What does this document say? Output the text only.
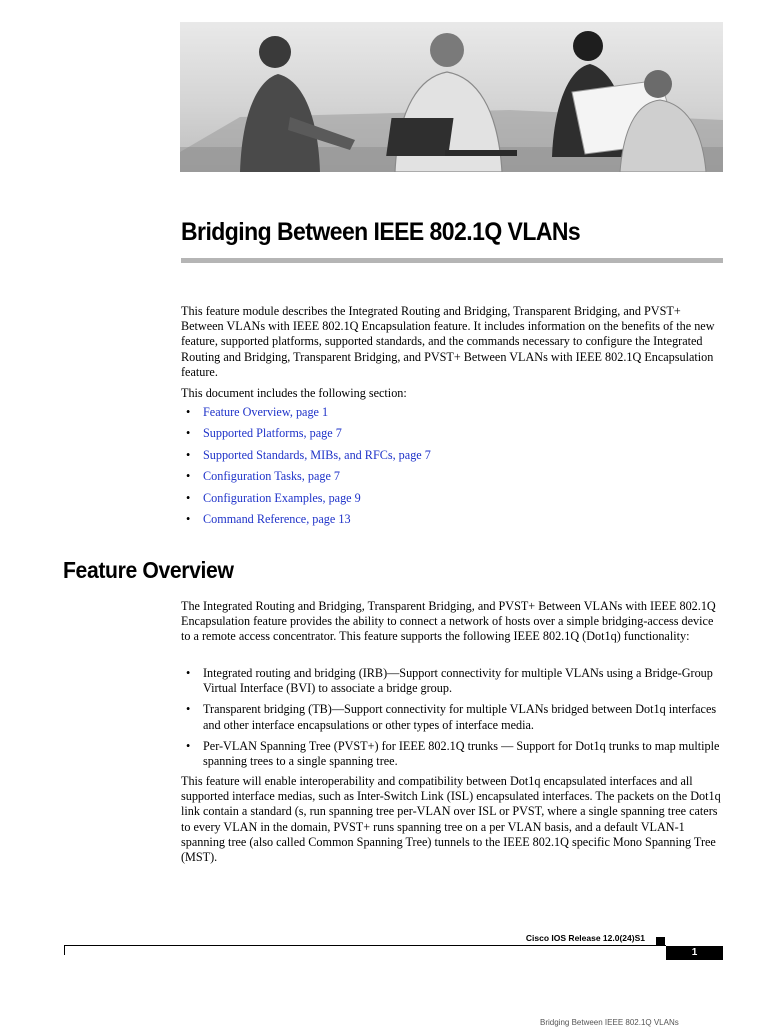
Bridging Between IEEE 802.1Q VLANs

This feature module describes the Integrated Routing and Bridging, Transparent Bridging, and PVST+ Between VLANs with IEEE 802.1Q Encapsulation feature. It includes information on the benefits of the new feature, supported platforms, supported standards, and the commands necessary to configure the Integrated Routing and Bridging, Transparent Bridging, and PVST+ Between VLANs with IEEE 802.1Q Encapsulation feature.

This document includes the following section:

• Feature Overview, page 1
• Supported Platforms, page 7
• Supported Standards, MIBs, and RFCs, page 7
• Configuration Tasks, page 7
• Configuration Examples, page 9
• Command Reference, page 13
Feature Overview

The Integrated Routing and Bridging, Transparent Bridging, and PVST+ Between VLANs with IEEE 802.1Q Encapsulation feature provides the ability to connect a network of hosts over a simple bridging-access device to a remote access concentrator. This feature supports the following IEEE 802.1Q (Dot1q) functionality:

• Integrated routing and bridging (IRB)—Support connectivity for multiple VLANs using a Bridge-Group Virtual Interface (BVI) to associate a bridge group.
• Transparent bridging (TB)—Support connectivity for multiple VLANs bridged between Dot1q interfaces and other interface encapsulations or other types of interface media.
• Per-VLAN Spanning Tree (PVST+) for IEEE 802.1Q trunks — Support for Dot1q trunks to map multiple spanning trees to a single spanning tree.

This feature will enable interoperability and compatibility between Dot1q encapsulated interfaces and all supported interface medias, such as Inter-Switch Link (ISL) encapsulated interfaces. The packets on the Dot1q link contain a standard (s, run spanning tree per-VLAN over ISL or PVST, where a single spanning tree caters to every VLAN in the domain, PVST+ runs spanning tree on a per VLAN basis, and a default VLAN-1 spanning tree (also called Common Spanning Tree) tunnels to the IEEE 802.1Q specific Mono Spanning Tree (MST).

Cisco IOS Release 12.0(24)S1
1
Bridging Between IEEE 802.1Q VLANs
